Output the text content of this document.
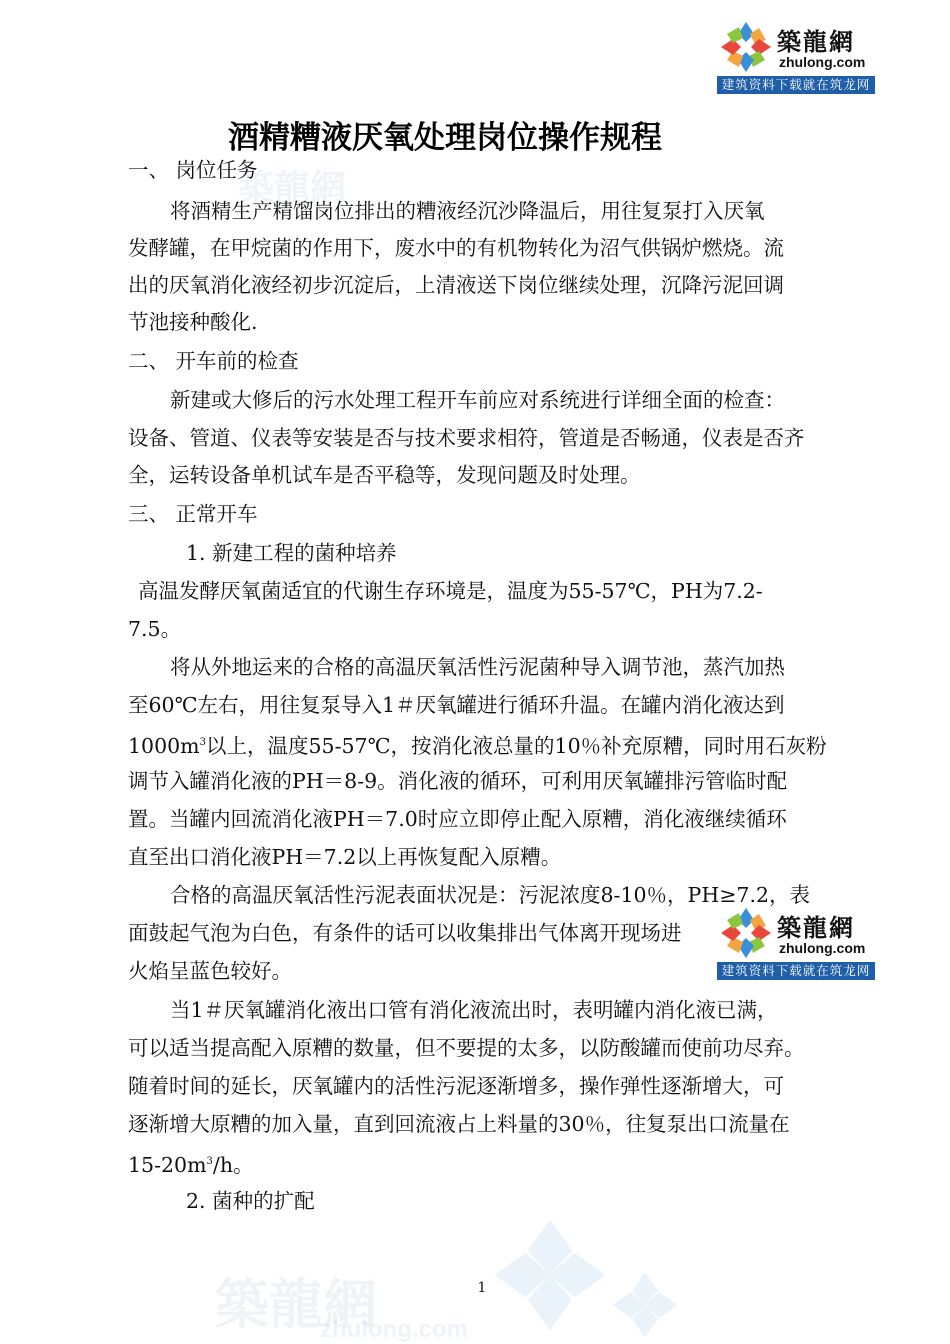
築龍網
築龍網
zhulong.com
築龍網
zhulong.com
建筑资料下载就在筑龙网
築龍網
zhulong.com
建筑资料下载就在筑龙网
酒精糟液厌氧处理岗位操作规程
一、 岗位任务
将酒精生产精馏岗位排出的糟液经沉沙降温后，用往复泵打入厌氧
发酵罐，在甲烷菌的作用下，废水中的有机物转化为沼气供锅炉燃烧。流
出的厌氧消化液经初步沉淀后，上清液送下岗位继续处理，沉降污泥回调
节池接种酸化.
二、 开车前的检查
新建或大修后的污水处理工程开车前应对系统进行详细全面的检查：
设备、管道、仪表等安装是否与技术要求相符，管道是否畅通，仪表是否齐
全，运转设备单机试车是否平稳等，发现问题及时处理。
三、 正常开车
1. 新建工程的菌种培养
高温发酵厌氧菌适宜的代谢生存环境是，温度为55-57℃，PH为7.2-
7.5。
将从外地运来的合格的高温厌氧活性污泥菌种导入调节池，蒸汽加热
至60℃左右，用往复泵导入1＃厌氧罐进行循环升温。在罐内消化液达到
$1000m^3$以上，温度55-57℃，按消化液总量的10％补充原糟，同时用石灰粉
调节入罐消化液的PH＝8-9。消化液的循环，可利用厌氧罐排污管临时配
置。当罐内回流消化液PH＝7.0时应立即停止配入原糟，消化液继续循环
直至出口消化液PH＝7.2以上再恢复配入原糟。
合格的高温厌氧活性污泥表面状况是：污泥浓度8-10％，PH≥7.2，表
面鼓起气泡为白色，有条件的话可以收集排出气体离开现场进
火焰呈蓝色较好。
当1＃厌氧罐消化液出口管有消化液流出时，表明罐内消化液已满，
可以适当提高配入原糟的数量，但不要提的太多，以防酸罐而使前功尽弃。
随着时间的延长，厌氧罐内的活性污泥逐渐增多，操作弹性逐渐增大，可
逐渐增大原糟的加入量，直到回流液占上料量的30％，往复泵出口流量在
$15-20m^3/h$。
2. 菌种的扩配
1
